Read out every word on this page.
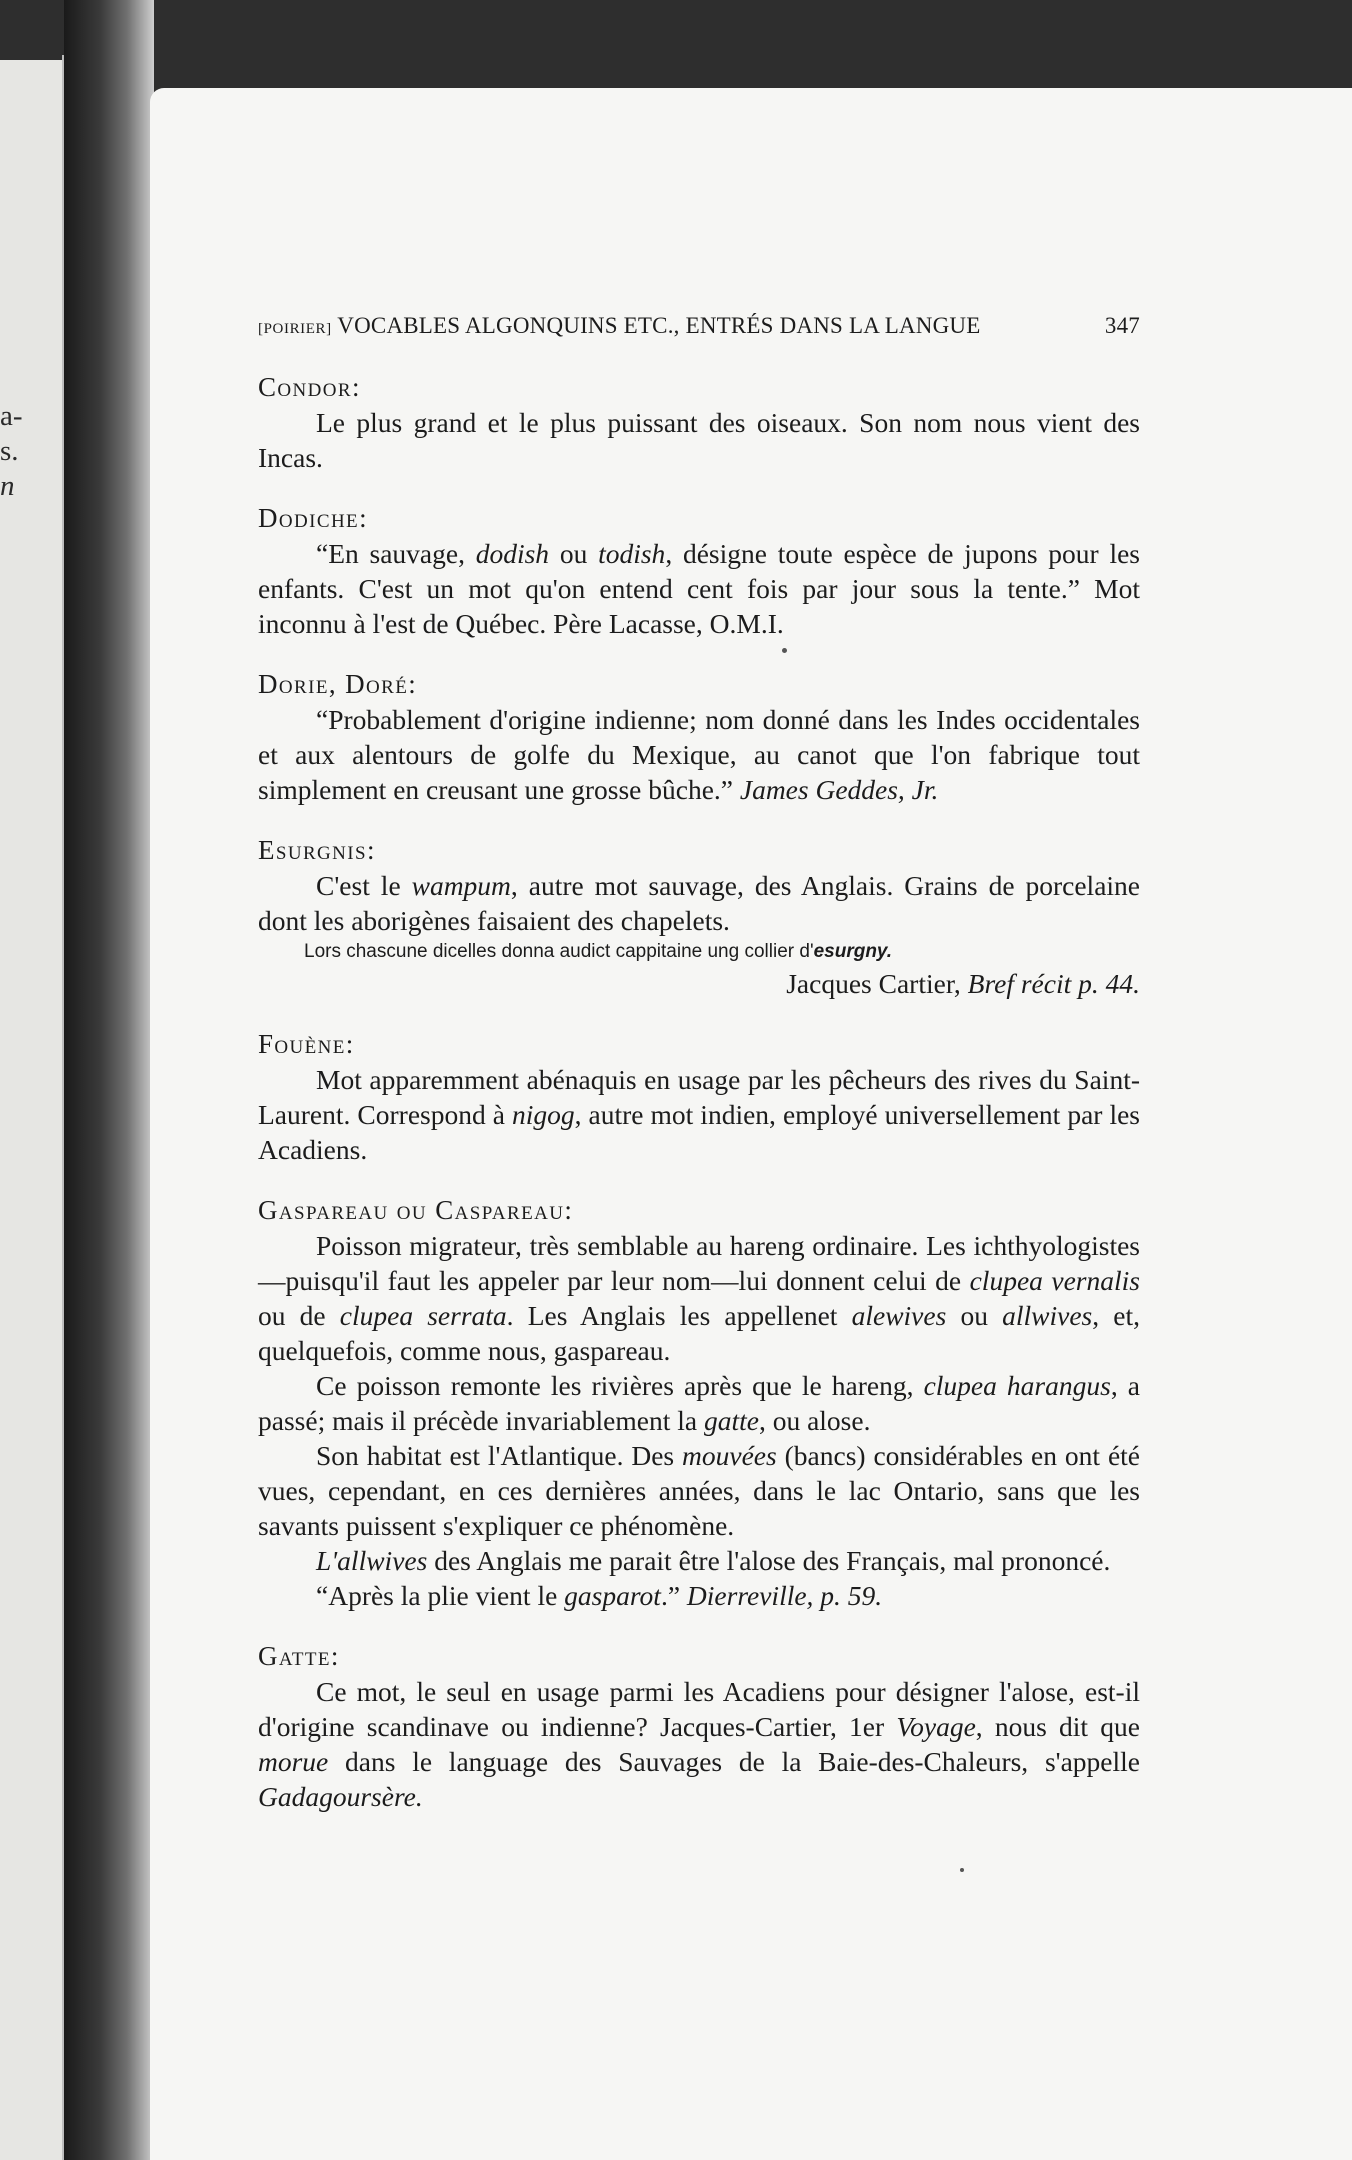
a-
s.
n
[POIRIER] VOCABLES ALGONQUINS ETC., ENTRÉS DANS LA LANGUE	347
Condor:

Le plus grand et le plus puissant des oiseaux. Son nom nous vient des Incas.

Dodiche:

“En sauvage, dodish ou todish, désigne toute espèce de jupons pour les enfants. C'est un mot qu'on entend cent fois par jour sous la tente.” Mot inconnu à l'est de Québec. Père Lacasse, O.M.I.

Dorie, Doré:

“Probablement d'origine indienne; nom donné dans les Indes occidentales et aux alentours de golfe du Mexique, au canot que l'on fabrique tout simplement en creusant une grosse bûche.” James Geddes, Jr.

Esurgnis:

C'est le wampum, autre mot sauvage, des Anglais. Grains de porcelaine dont les aborigènes faisaient des chapelets.

Lors chascune dicelles donna audict cappitaine ung collier d'esurgny.

Jacques Cartier, Bref récit p. 44.

Fouène:

Mot apparemment abénaquis en usage par les pêcheurs des rives du Saint-Laurent. Correspond à nigog, autre mot indien, employé universellement par les Acadiens.

Gaspareau ou Caspareau:

Poisson migrateur, très semblable au hareng ordinaire. Les ichthyologistes—puisqu'il faut les appeler par leur nom—lui donnent celui de clupea vernalis ou de clupea serrata. Les Anglais les appellenet alewives ou allwives, et, quelquefois, comme nous, gaspareau.

Ce poisson remonte les rivières après que le hareng, clupea harangus, a passé; mais il précède invariablement la gatte, ou alose.

Son habitat est l'Atlantique. Des mouvées (bancs) considérables en ont été vues, cependant, en ces dernières années, dans le lac Ontario, sans que les savants puissent s'expliquer ce phénomène.

L'allwives des Anglais me parait être l'alose des Français, mal prononcé.

“Après la plie vient le gasparot.” Dierreville, p. 59.

Gatte:

Ce mot, le seul en usage parmi les Acadiens pour désigner l'alose, est-il d'origine scandinave ou indienne? Jacques-Cartier, 1er Voyage, nous dit que morue dans le language des Sauvages de la Baie-des-Chaleurs, s'appelle Gadagoursère.
